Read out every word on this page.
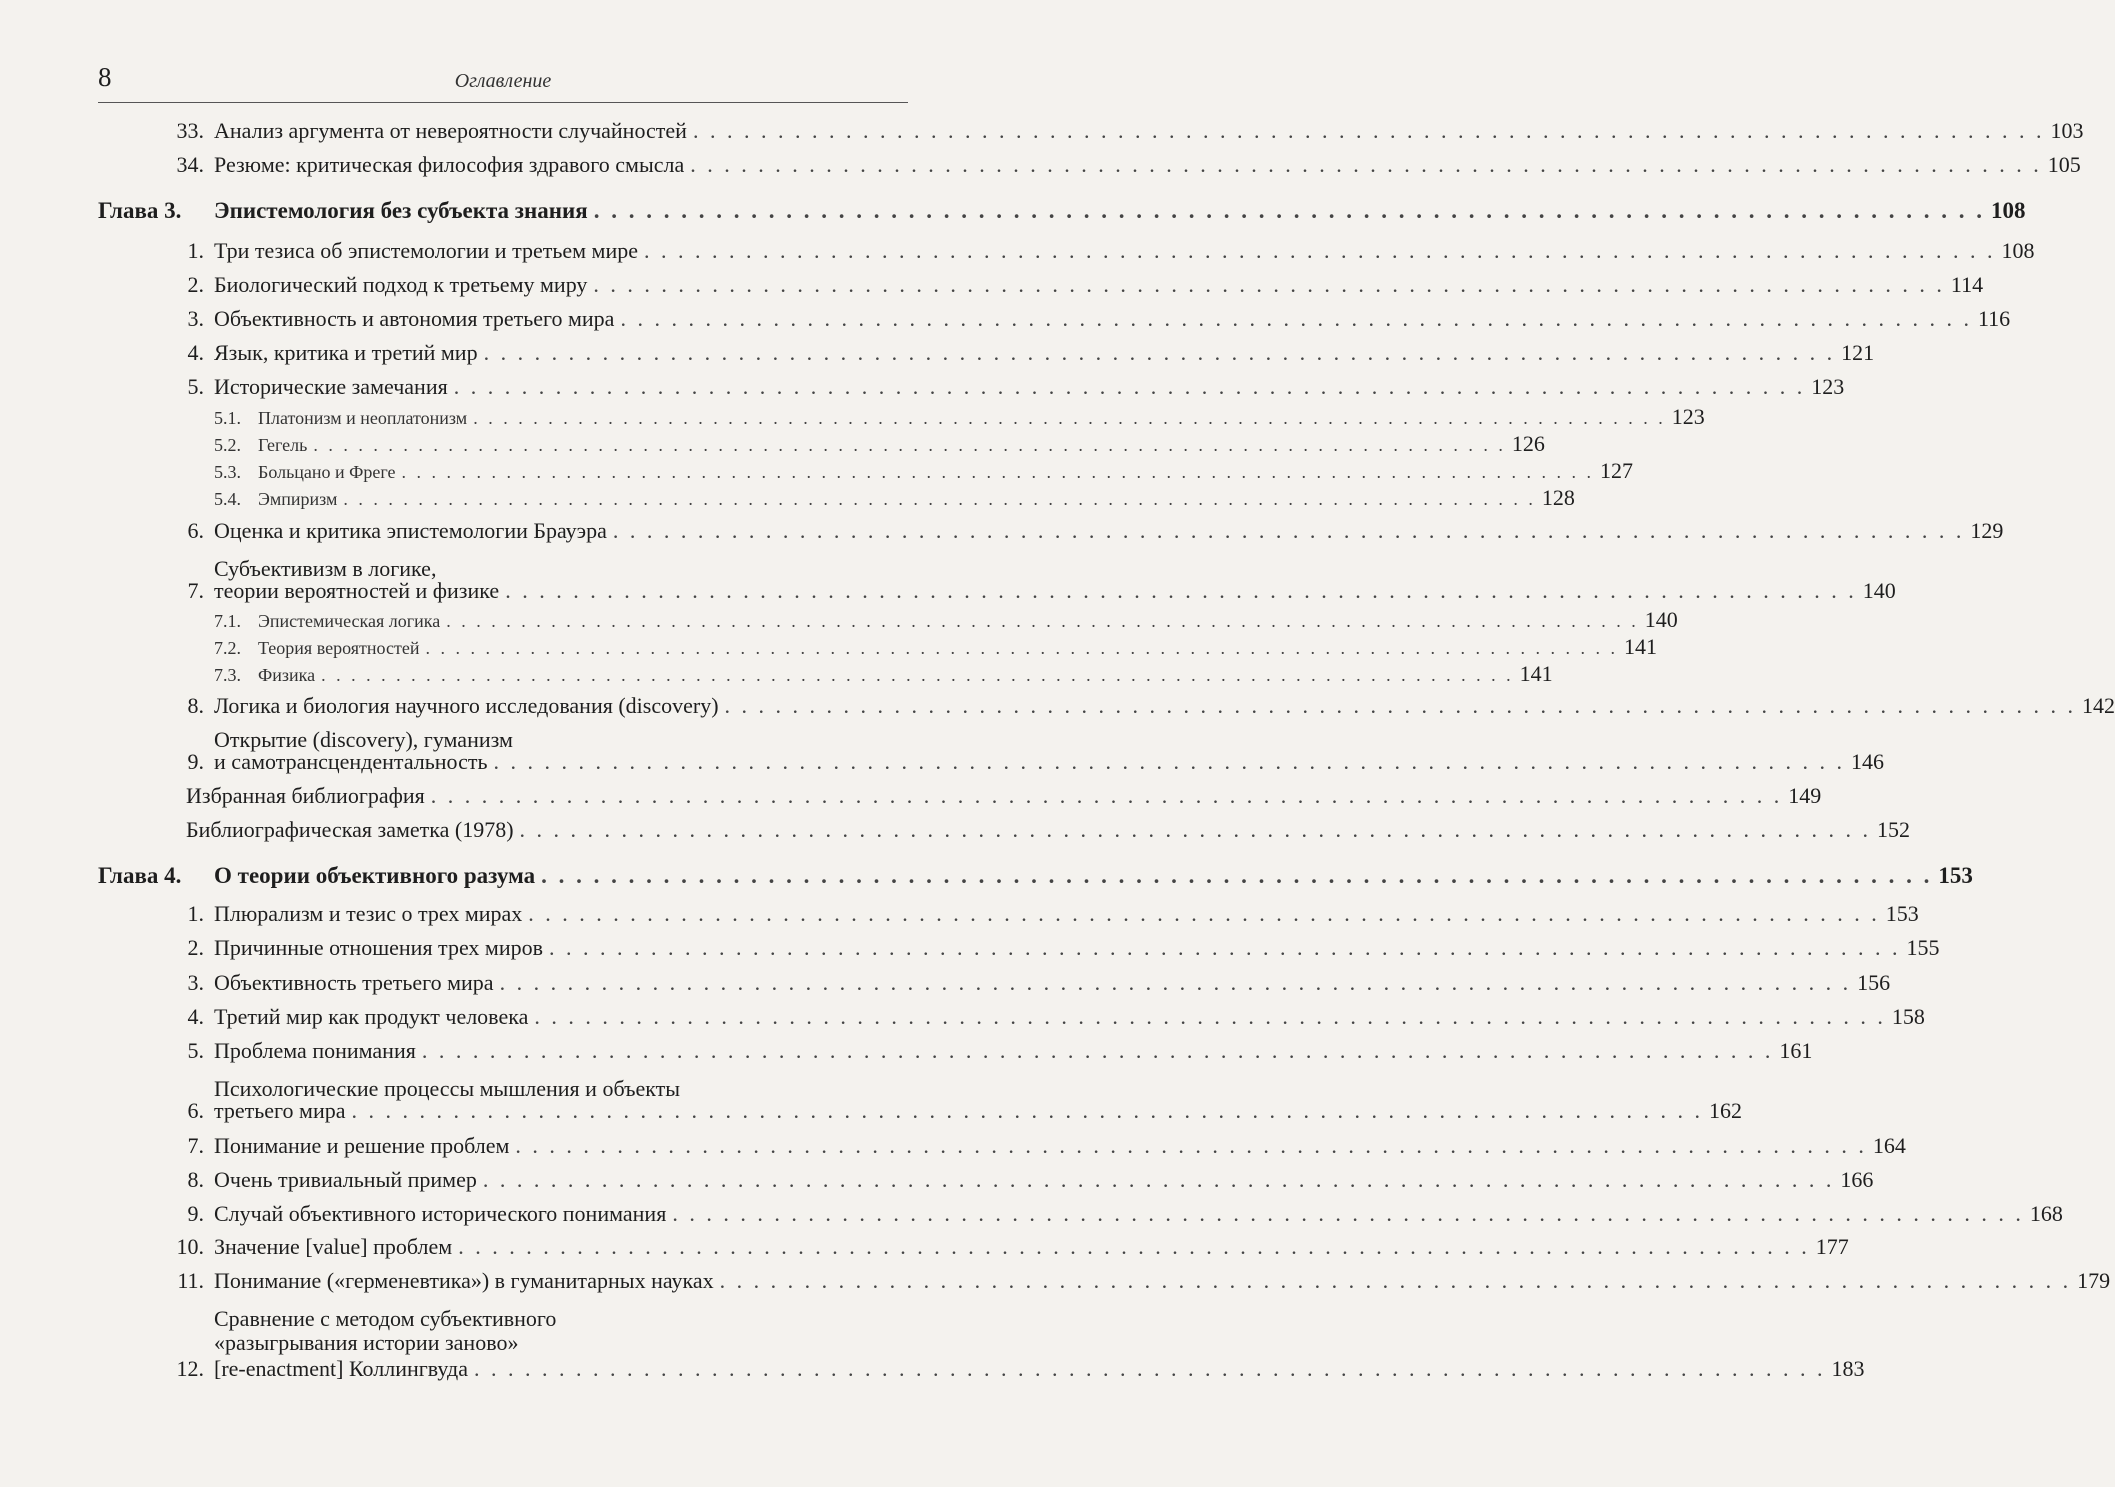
8	Оглавление
33. Анализ аргумента от невероятности случайностей . . . . . . . . . . . . . . . . . . . . . . . . . . . . . . . . . . . . . . . . . . . . . . . . . . . . . . . . . . . . . . . . . . . . . . . . . . . . . . . . 103
34. Резюме: критическая философия здравого смысла . . . . . . . . . . . . . . . . . . . . . . . . . . . . . . . . . . . . . . . . . . . . . . . . . . . . . . . . . . . . . . . . . . . . . . . . . . . . . . . . 105
Глава 3.	Эпистемология без субъекта знания . . . . . . . . . . . . . . . . . . . . . . . . . . . . . . . . . . . . . . . . . . . . . . . . . . . . . . . . . . . . . . . . . . . . . . . . . . . . . . . . 108
1. Три тезиса об эпистемологии и третьем мире . . . . . . . . . . . . . . . . . . . . . . . . . . . . . . . . . . . . . . . . . . . . . . . . . . . . . . . . . . . . . . . . . . . . . . . . . . . . . . . . 108
2. Биологический подход к третьему миру . . . . . . . . . . . . . . . . . . . . . . . . . . . . . . . . . . . . . . . . . . . . . . . . . . . . . . . . . . . . . . . . . . . . . . . . . . . . . . . . 114
3. Объективность и автономия третьего мира . . . . . . . . . . . . . . . . . . . . . . . . . . . . . . . . . . . . . . . . . . . . . . . . . . . . . . . . . . . . . . . . . . . . . . . . . . . . . . . . 116
4. Язык, критика и третий мир . . . . . . . . . . . . . . . . . . . . . . . . . . . . . . . . . . . . . . . . . . . . . . . . . . . . . . . . . . . . . . . . . . . . . . . . . . . . . . . . 121
5. Исторические замечания . . . . . . . . . . . . . . . . . . . . . . . . . . . . . . . . . . . . . . . . . . . . . . . . . . . . . . . . . . . . . . . . . . . . . . . . . . . . . . . . 123
5.1. Платонизм и неоплатонизм . . . . . . . . . . . . . . . . . . . . . . . . . . . . . . . . . . . . . . . . . . . . . . . . . . . . . . . . . . . . . . . . . . . . . . . . . . . . . . . . 123
5.2. Гегель . . . . . . . . . . . . . . . . . . . . . . . . . . . . . . . . . . . . . . . . . . . . . . . . . . . . . . . . . . . . . . . . . . . . . . . . . . . . . . . . 126
5.3. Больцано и Фреге . . . . . . . . . . . . . . . . . . . . . . . . . . . . . . . . . . . . . . . . . . . . . . . . . . . . . . . . . . . . . . . . . . . . . . . . . . . . . . . . 127
5.4. Эмпиризм . . . . . . . . . . . . . . . . . . . . . . . . . . . . . . . . . . . . . . . . . . . . . . . . . . . . . . . . . . . . . . . . . . . . . . . . . . . . . . . . 128
6. Оценка и критика эпистемологии Брауэра . . . . . . . . . . . . . . . . . . . . . . . . . . . . . . . . . . . . . . . . . . . . . . . . . . . . . . . . . . . . . . . . . . . . . . . . . . . . . . . . 129
Субъективизм в логике,
7. теории вероятностей и физике . . . . . . . . . . . . . . . . . . . . . . . . . . . . . . . . . . . . . . . . . . . . . . . . . . . . . . . . . . . . . . . . . . . . . . . . . . . . . . . . 140
7.1. Эпистемическая логика . . . . . . . . . . . . . . . . . . . . . . . . . . . . . . . . . . . . . . . . . . . . . . . . . . . . . . . . . . . . . . . . . . . . . . . . . . . . . . . . 140
7.2. Теория вероятностей . . . . . . . . . . . . . . . . . . . . . . . . . . . . . . . . . . . . . . . . . . . . . . . . . . . . . . . . . . . . . . . . . . . . . . . . . . . . . . . . 141
7.3. Физика . . . . . . . . . . . . . . . . . . . . . . . . . . . . . . . . . . . . . . . . . . . . . . . . . . . . . . . . . . . . . . . . . . . . . . . . . . . . . . . . 141
8. Логика и биология научного исследования (discovery) . . . . . . . . . . . . . . . . . . . . . . . . . . . . . . . . . . . . . . . . . . . . . . . . . . . . . . . . . . . . . . . . . . . . . . . . . . . . . . . . 142
Открытие (discovery), гуманизм
9. и самотрансцендентальность . . . . . . . . . . . . . . . . . . . . . . . . . . . . . . . . . . . . . . . . . . . . . . . . . . . . . . . . . . . . . . . . . . . . . . . . . . . . . . . . 146
Избранная библиография . . . . . . . . . . . . . . . . . . . . . . . . . . . . . . . . . . . . . . . . . . . . . . . . . . . . . . . . . . . . . . . . . . . . . . . . . . . . . . . . 149
Библиографическая заметка (1978) . . . . . . . . . . . . . . . . . . . . . . . . . . . . . . . . . . . . . . . . . . . . . . . . . . . . . . . . . . . . . . . . . . . . . . . . . . . . . . . . 152
Глава 4.	О теории объективного разума . . . . . . . . . . . . . . . . . . . . . . . . . . . . . . . . . . . . . . . . . . . . . . . . . . . . . . . . . . . . . . . . . . . . . . . . . . . . . . . . 153
1. Плюрализм и тезис о трех мирах . . . . . . . . . . . . . . . . . . . . . . . . . . . . . . . . . . . . . . . . . . . . . . . . . . . . . . . . . . . . . . . . . . . . . . . . . . . . . . . . 153
2. Причинные отношения трех миров . . . . . . . . . . . . . . . . . . . . . . . . . . . . . . . . . . . . . . . . . . . . . . . . . . . . . . . . . . . . . . . . . . . . . . . . . . . . . . . . 155
3. Объективность третьего мира . . . . . . . . . . . . . . . . . . . . . . . . . . . . . . . . . . . . . . . . . . . . . . . . . . . . . . . . . . . . . . . . . . . . . . . . . . . . . . . . 156
4. Третий мир как продукт человека . . . . . . . . . . . . . . . . . . . . . . . . . . . . . . . . . . . . . . . . . . . . . . . . . . . . . . . . . . . . . . . . . . . . . . . . . . . . . . . . 158
5. Проблема понимания . . . . . . . . . . . . . . . . . . . . . . . . . . . . . . . . . . . . . . . . . . . . . . . . . . . . . . . . . . . . . . . . . . . . . . . . . . . . . . . . 161
Психологические процессы мышления и объекты
6. третьего мира . . . . . . . . . . . . . . . . . . . . . . . . . . . . . . . . . . . . . . . . . . . . . . . . . . . . . . . . . . . . . . . . . . . . . . . . . . . . . . . . 162
7. Понимание и решение проблем . . . . . . . . . . . . . . . . . . . . . . . . . . . . . . . . . . . . . . . . . . . . . . . . . . . . . . . . . . . . . . . . . . . . . . . . . . . . . . . . 164
8. Очень тривиальный пример . . . . . . . . . . . . . . . . . . . . . . . . . . . . . . . . . . . . . . . . . . . . . . . . . . . . . . . . . . . . . . . . . . . . . . . . . . . . . . . . 166
9. Случай объективного исторического понимания . . . . . . . . . . . . . . . . . . . . . . . . . . . . . . . . . . . . . . . . . . . . . . . . . . . . . . . . . . . . . . . . . . . . . . . . . . . . . . . . 168
10. Значение [value] проблем . . . . . . . . . . . . . . . . . . . . . . . . . . . . . . . . . . . . . . . . . . . . . . . . . . . . . . . . . . . . . . . . . . . . . . . . . . . . . . . . 177
11. Понимание («герменевтика») в гуманитарных науках . . . . . . . . . . . . . . . . . . . . . . . . . . . . . . . . . . . . . . . . . . . . . . . . . . . . . . . . . . . . . . . . . . . . . . . . . . . . . . . . 179
Сравнение с методом субъективного
«разыгрывания истории заново»
12. [re-enactment] Коллингвуда . . . . . . . . . . . . . . . . . . . . . . . . . . . . . . . . . . . . . . . . . . . . . . . . . . . . . . . . . . . . . . . . . . . . . . . . . . . . . . . . 183
